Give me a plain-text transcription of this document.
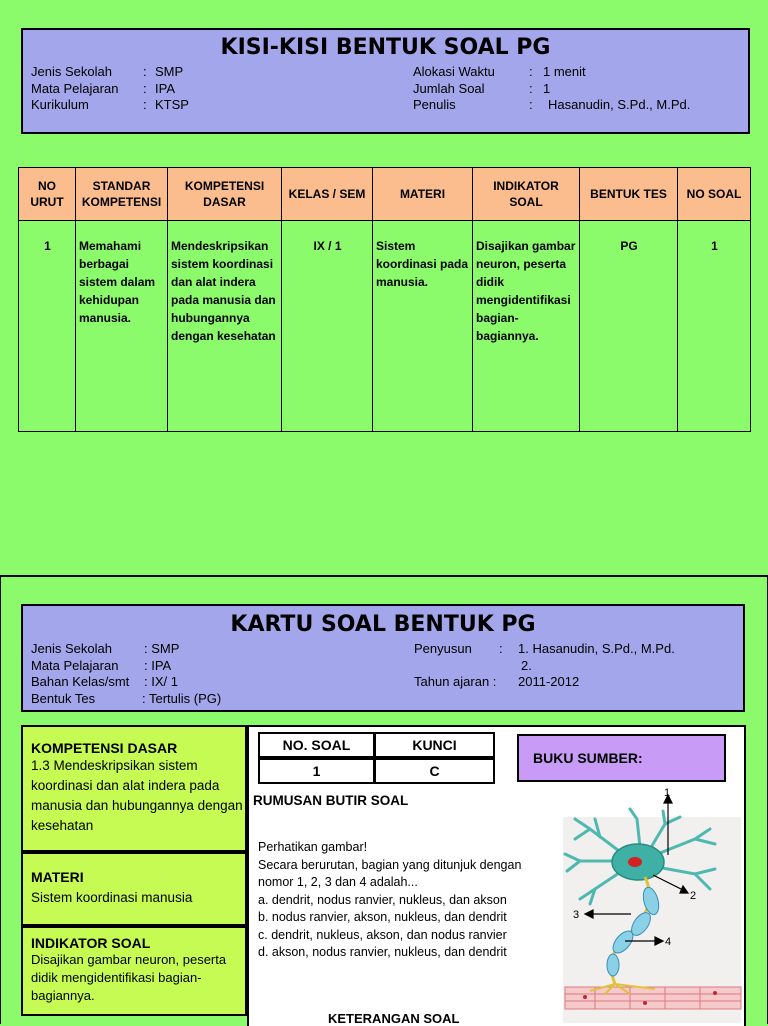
KISI-KISI BENTUK SOAL PG
Jenis Sekolah	: SMP
Mata Pelajaran	: IPA
Kurikulum	: KTSP
Alokasi Waktu	: 1 menit
Jumlah Soal	: 1
Penulis	:	Hasanudin, S.Pd., M.Pd.
NO URUT	STANDAR KOMPETENSI	KOMPETENSI DASAR	KELAS / SEM	MATERI	INDIKATOR SOAL	BENTUK TES	NO SOAL
1	Memahami berbagai sistem dalam kehidupan manusia.	Mendeskripsikan sistem koordinasi dan alat indera pada manusia dan hubungannya dengan kesehatan	IX / 1	Sistem koordinasi pada manusia.	Disajikan gambar neuron, peserta didik mengidentifikasi bagian-bagiannya.	PG	1
KARTU SOAL BENTUK PG
Jenis Sekolah	: SMP
Mata Pelajaran	: IPA
Bahan Kelas/smt	: IX/ 1
Bentuk Tes	: Tertulis (PG)
Penyusun	:	1. Hasanudin, S.Pd., M.Pd.
2.
Tahun ajaran :	2011-2012
KOMPETENSI DASAR
1.3 Mendeskripsikan sistem koordinasi dan alat indera pada manusia dan hubungannya dengan kesehatan
MATERI
Sistem koordinasi manusia
INDIKATOR SOAL
Disajikan gambar neuron, peserta didik mengidentifikasi bagian-bagiannya.
NO. SOAL	KUNCI
1	C
BUKU SUMBER:
RUMUSAN BUTIR SOAL
Perhatikan gambar!
Secara berurutan, bagian yang ditunjuk dengan
nomor 1, 2, 3 dan 4 adalah...
a. dendrit, nodus ranvier, nukleus, dan akson
b. nodus ranvier, akson, nukleus, dan dendrit
c. dendrit, nukleus, akson, dan nodus ranvier
d. akson, nodus ranvier, nukleus, dan dendrit
1
2
3
4
KETERANGAN SOAL
